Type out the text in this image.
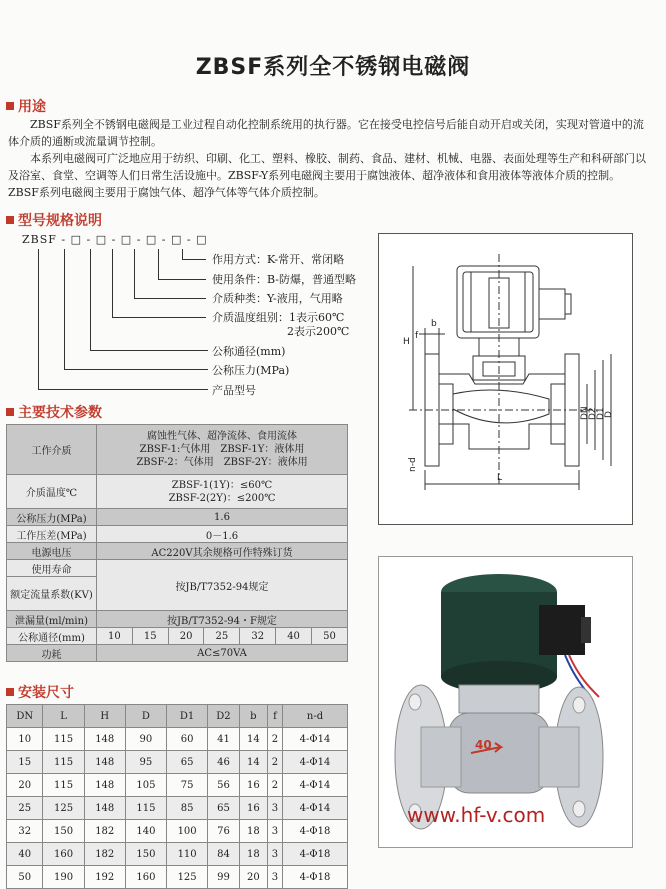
ZBSF系列全不锈钢电磁阀
用途

ZBSF系列全不锈钢电磁阀是工业过程自动化控制系统用的执行器。它在接受电控信号后能自动开启或关闭，实现对管道中的流体介质的通断或流量调节控制。

本系列电磁阀可广泛地应用于纺织、印刷、化工、塑料、橡胶、制药、食品、建材、机械、电器、表面处理等生产和科研部门以及浴室、食堂、空调等人们日常生活设施中。ZBSF-Y系列电磁阀主要用于腐蚀液体、超净液体和食用液体等液体介质的控制。

ZBSF系列电磁阀主要用于腐蚀气体、超净气体等气体介质控制。

型号规格说明
ZBSF - □ - □ - □ - □ - □ - □
作用方式：K-常开、常闭略
使用条件：B-防爆，普通型略
介质种类：Y-液用，气用略
介质温度组别：1表示60℃
2表示200℃
公称通径(mm)
公称压力(MPa)
产品型号
主要技术参数
工作介质	腐蚀性气体、超净流体、食用流体
ZBSF-1:气体用　ZBSF-1Y：液体用
ZBSF-2：气体用　ZBSF-2Y：液体用						

介质温度℃	ZBSF-1(1Y)：≤60℃
ZBSF-2(2Y)：≤200℃						

公称压力(MPa)	1.6						
工作压差(MPa)	0－1.6						
电源电压	AC220V其余规格可作特殊订货						
使用寿命	按JB/T7352-94规定						
额定流量系数(KV)							
泄漏量(ml/min)	按JB/T7352-94・F规定						
公称通径(mm)	10	15	20	25	32	40	50
功耗	AC≤70VA						
安装尺寸
DN	L	H	D	D1	D2	b	f	n-d
10	115	148	90	60	41	14	2	4-Φ14
15	115	148	95	65	46	14	2	4-Φ14
20	115	148	105	75	56	16	2	4-Φ14
25	125	148	115	85	65	16	3	4-Φ14
32	150	182	140	100	76	18	3	4-Φ18
40	160	182	150	110	84	18	3	4-Φ18
50	190	192	160	125	99	20	3	4-Φ18
H
b
f
DN
D2
D1
D
n-d
L
40
www.hf-v.com
